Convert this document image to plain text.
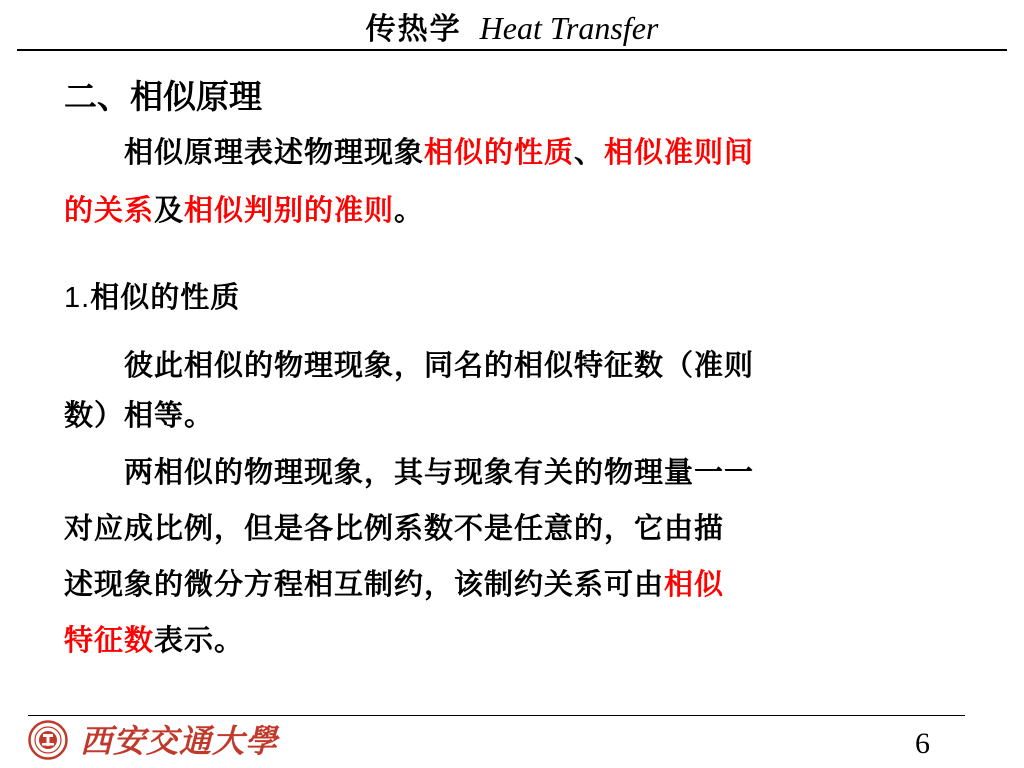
传热学 Heat Transfer
二、相似原理
相似原理表述物理现象相似的性质、相似准则间
的关系及相似判别的准则。
1.相似的性质
彼此相似的物理现象，同名的相似特征数（准则
数）相等。
两相似的物理现象，其与现象有关的物理量一一
对应成比例，但是各比例系数不是任意的，它由描
述现象的微分方程相互制约，该制约关系可由相似
特征数表示。
西安交通大學	6
